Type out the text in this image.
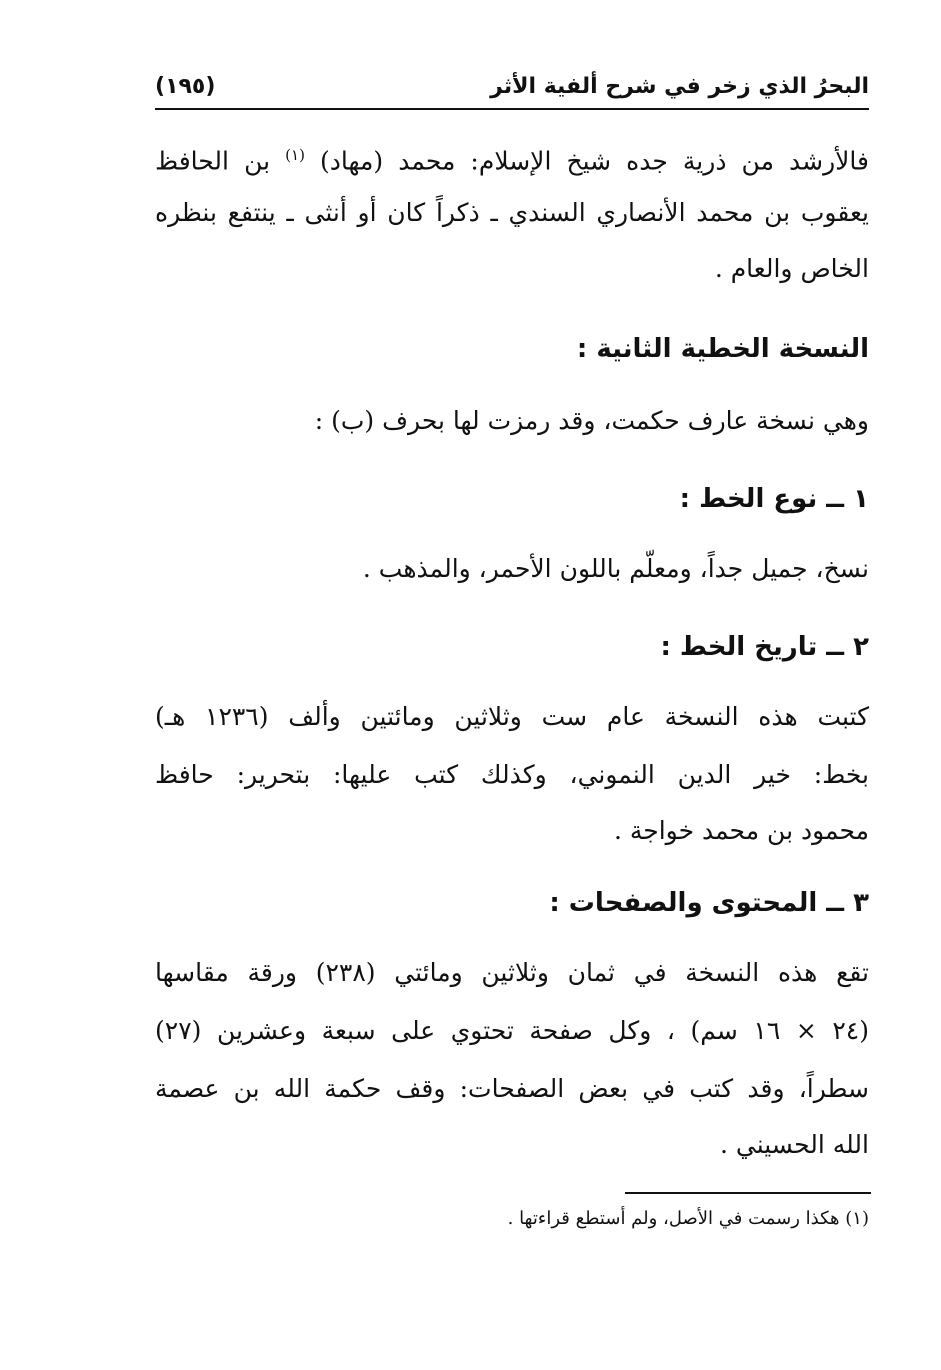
البحرُ الذي زخر في شرح ألفية الأثر
(١٩٥)
فالأرشد من ذرية جده شيخ الإسلام: محمد (مهاد) $^{(١)}$ بن الحافظ
يعقوب بن محمد الأنصاري السندي ـ ذكراً كان أو أنثى ـ ينتفع بنظره
الخاص والعام .
النسخة الخطية الثانية :
وهي نسخة عارف حكمت، وقد رمزت لها بحرف (ب) :
١ ــ نوع الخط :
نسخ، جميل جداً، ومعلّم باللون الأحمر، والمذهب .
٢ ــ تاريخ الخط :
كتبت هذه النسخة عام ست وثلاثين ومائتين وألف (١٢٣٦ هـ)
بخط: خير الدين النموني، وكذلك كتب عليها: بتحرير: حافظ
محمود بن محمد خواجة .
٣ ــ المحتوى والصفحات :
تقع هذه النسخة في ثمان وثلاثين ومائتي (٢٣٨) ورقة مقاسها
(٢٤ × ١٦ سم) ، وكل صفحة تحتوي على سبعة وعشرين (٢٧)
سطراً، وقد كتب في بعض الصفحات: وقف حكمة الله بن عصمة
الله الحسيني .
(١) هكذا رسمت في الأصل، ولم أستطع قراءتها .
